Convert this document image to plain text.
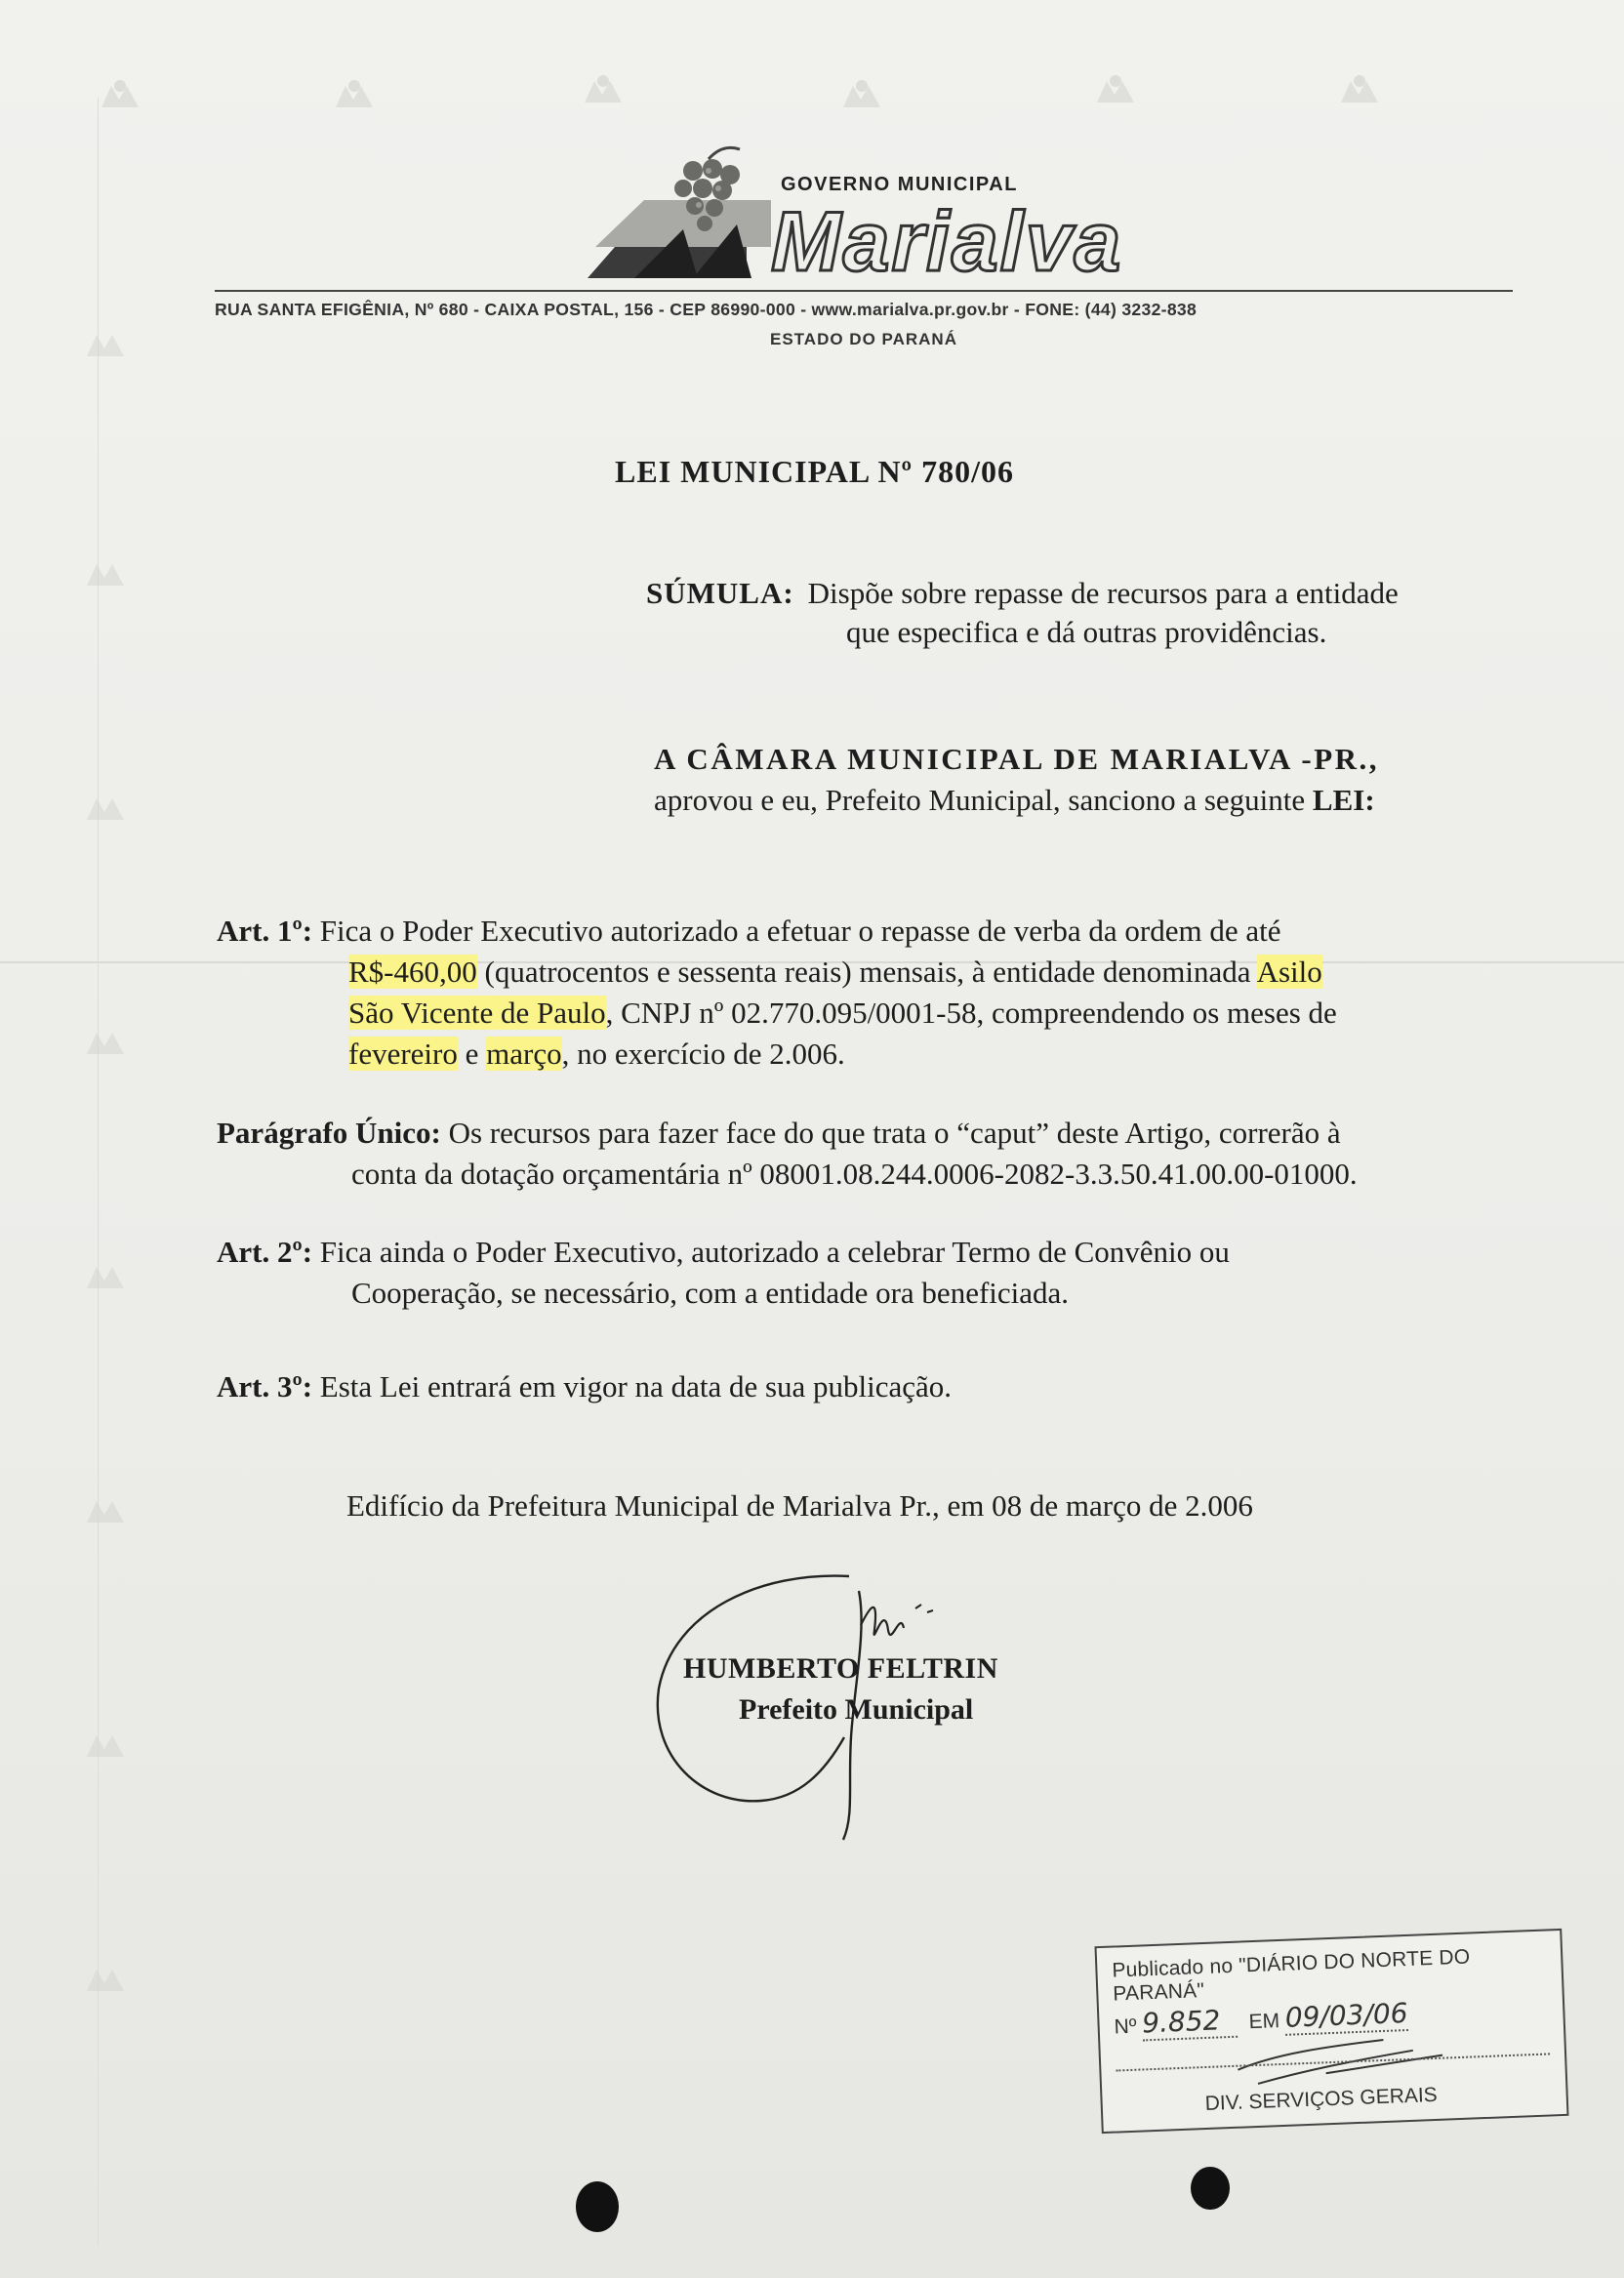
GOVERNO MUNICIPAL
Marialva
RUA SANTA EFIGÊNIA, Nº 680 - CAIXA POSTAL, 156 - CEP 86990-000 - www.marialva.pr.gov.br - FONE: (44) 3232-838
ESTADO DO PARANÁ
LEI MUNICIPAL Nº 780/06
SÚMULA: Dispõe sobre repasse de recursos para a entidade
que especifica e dá outras providências.
A CÂMARA MUNICIPAL DE MARIALVA -PR.,
aprovou e eu, Prefeito Municipal, sanciono a seguinte LEI:
Art. 1º: Fica o Poder Executivo autorizado a efetuar o repasse de verba da ordem de até
R$-460,00 (quatrocentos e sessenta reais) mensais, à entidade denominada Asilo
São Vicente de Paulo, CNPJ nº 02.770.095/0001-58, compreendendo os meses de
fevereiro e março, no exercício de 2.006.
Parágrafo Único: Os recursos para fazer face do que trata o “caput” deste Artigo, correrão à
conta da dotação orçamentária nº 08001.08.244.0006-2082-3.3.50.41.00.00-01000.
Art. 2º: Fica ainda o Poder Executivo, autorizado a celebrar Termo de Convênio ou
Cooperação, se necessário, com a entidade ora beneficiada.
Art. 3º: Esta Lei entrará em vigor na data de sua publicação.
Edifício da Prefeitura Municipal de Marialva Pr., em 08 de março de 2.006
HUMBERTO FELTRIN
Prefeito Municipal
Publicado no "DIÁRIO DO NORTE DO PARANÁ"
Nº 9.852 EM 09/03/06
DIV. SERVIÇOS GERAIS
